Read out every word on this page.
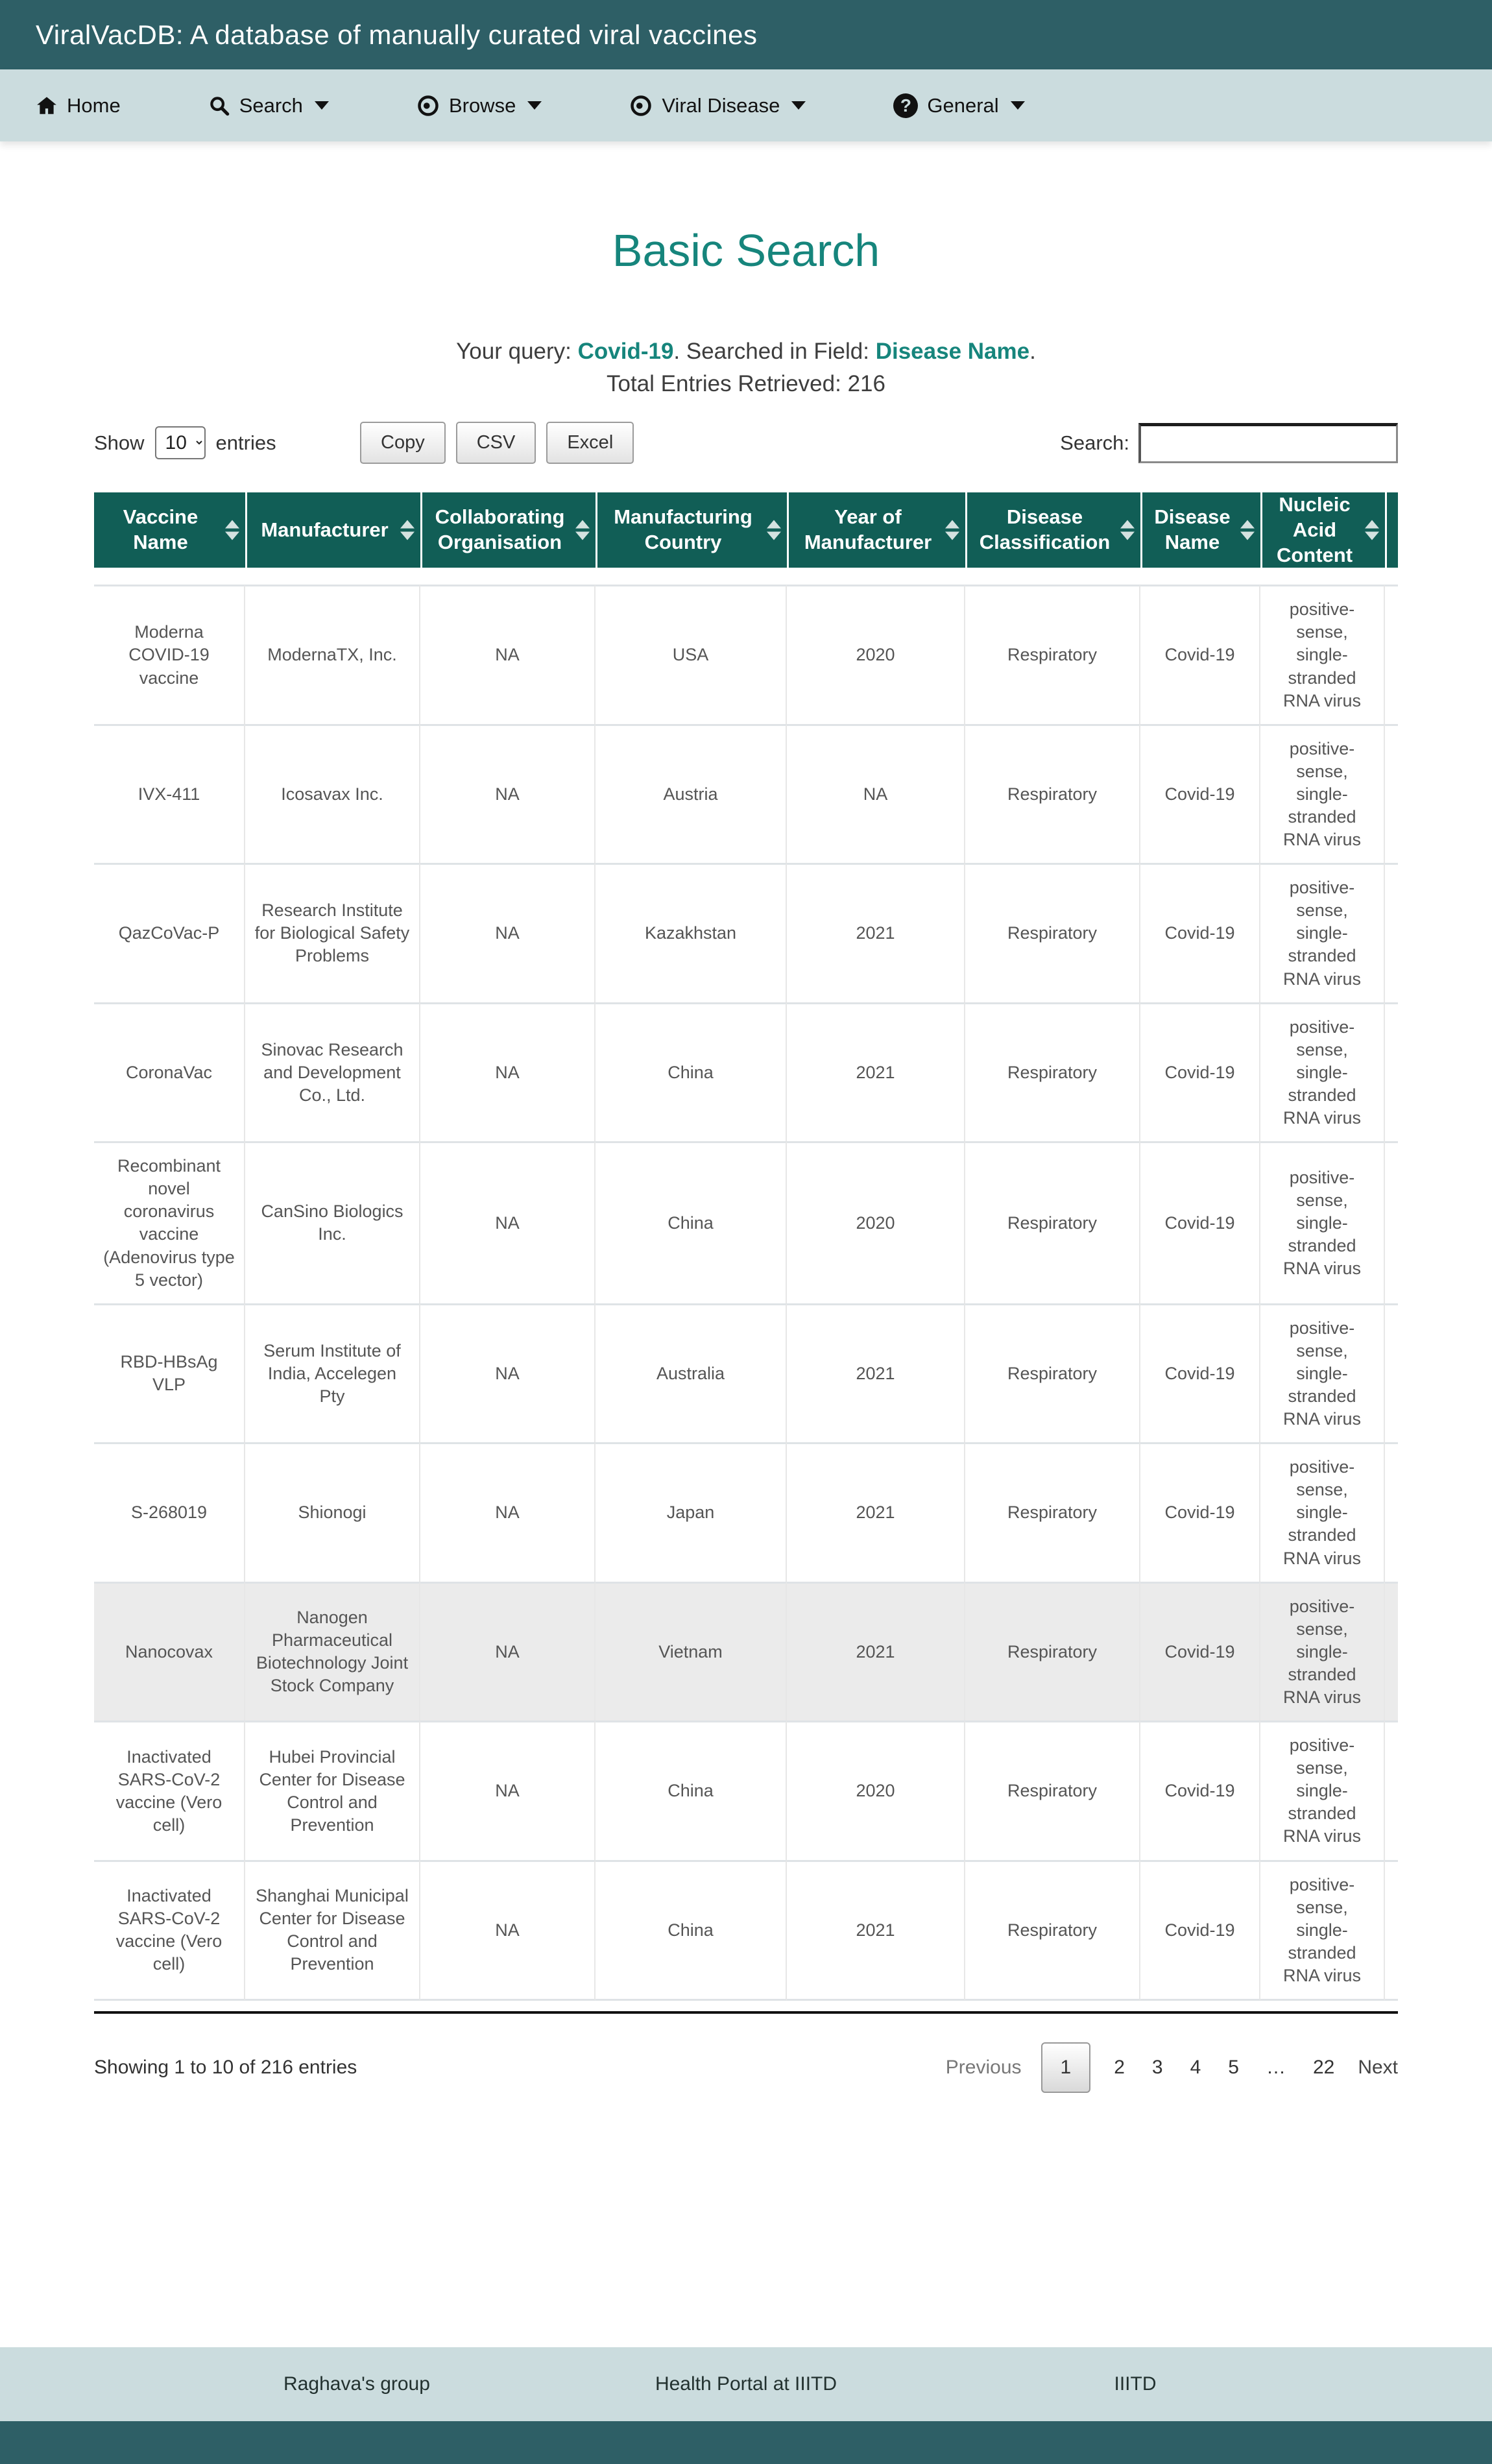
ViralVacDB: A database of manually curated viral vaccines
Home	Search	Browse	Viral Disease	? General
Basic Search
Your query: Covid-19. Searched in Field: Disease Name.
Total Entries Retrieved: 216
Show
10	entries	Copy	CSV	Excel	Search:
Vaccine Name	Manufacturer	Collaborating Organisation	Manufacturing Country	Year of Manufacturer	Disease Classification	Disease Name	Nucleic Acid Content

Moderna COVID-19 vaccine	ModernaTX, Inc.	NA	USA	2020	Respiratory	Covid-19	positive-sense, single-stranded RNA virus	
IVX-411	Icosavax Inc.	NA	Austria	NA	Respiratory	Covid-19	positive-sense, single-stranded RNA virus	
QazCoVac-P	Research Institute for Biological Safety Problems	NA	Kazakhstan	2021	Respiratory	Covid-19	positive-sense, single-stranded RNA virus	
CoronaVac	Sinovac Research and Development Co., Ltd.	NA	China	2021	Respiratory	Covid-19	positive-sense, single-stranded RNA virus	
Recombinant novel coronavirus vaccine (Adenovirus type 5 vector)	CanSino Biologics Inc.	NA	China	2020	Respiratory	Covid-19	positive-sense, single-stranded RNA virus	
RBD-HBsAg VLP	Serum Institute of India, Accelegen Pty	NA	Australia	2021	Respiratory	Covid-19	positive-sense, single-stranded RNA virus	
S-268019	Shionogi	NA	Japan	2021	Respiratory	Covid-19	positive-sense, single-stranded RNA virus	
Nanocovax	Nanogen Pharmaceutical Biotechnology Joint Stock Company	NA	Vietnam	2021	Respiratory	Covid-19	positive-sense, single-stranded RNA virus	
Inactivated SARS-CoV-2 vaccine (Vero cell)	Hubei Provincial Center for Disease Control and Prevention	NA	China	2020	Respiratory	Covid-19	positive-sense, single-stranded RNA virus	
Inactivated SARS-CoV-2 vaccine (Vero cell)	Shanghai Municipal Center for Disease Control and Prevention	NA	China	2021	Respiratory	Covid-19	positive-sense, single-stranded RNA virus	
Showing 1 to 10 of 216 entries	Previous	1	2 3 4 5 … 22 Next
Raghava's group	Health Portal at IIITD	IIITD
